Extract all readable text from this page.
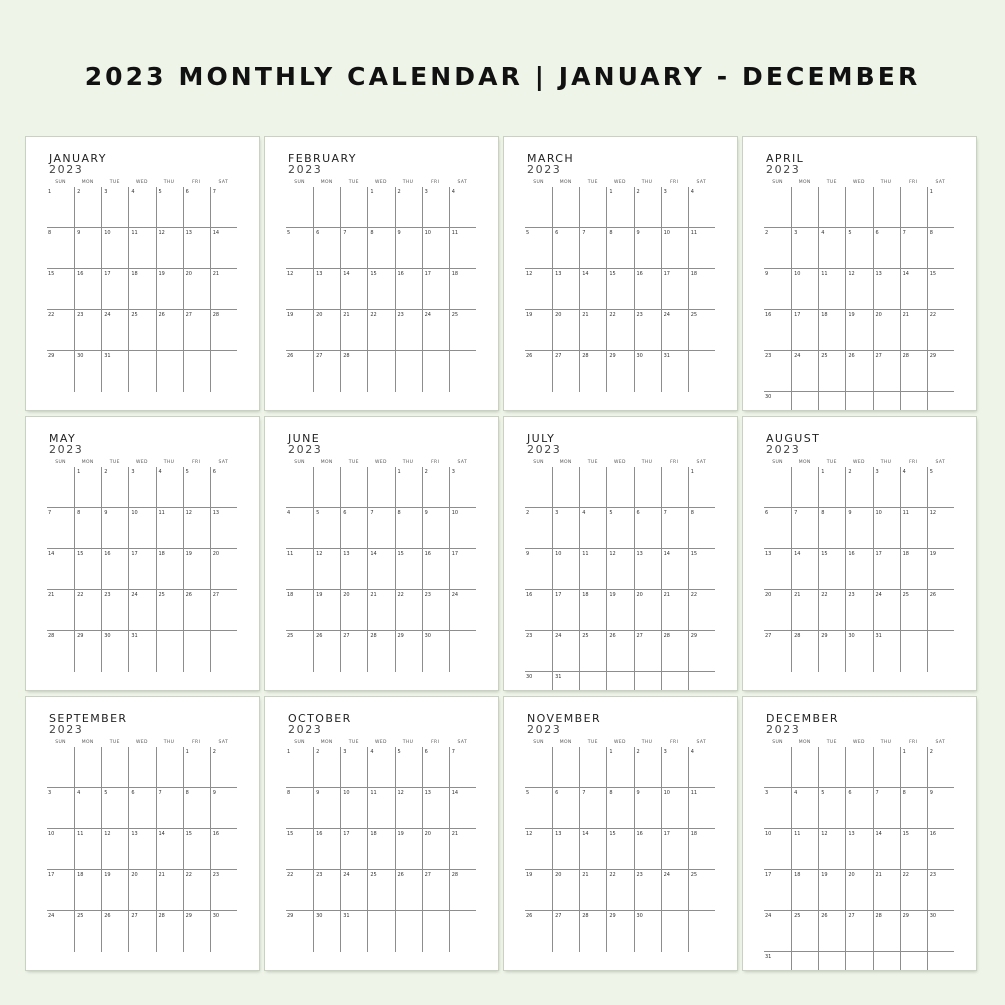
2023 MONTHLY CALENDAR | JANUARY - DECEMBER
JANUARY
2023
SUN
1
8
15
22
29
MON
2
9
16
23
30
TUE
3
10
17
24
31
WED
4
11
18
25
THU
5
12
19
26
FRI
6
13
20
27
SAT
7
14
21
28
FEBRUARY
2023
SUN
5
12
19
26
MON
6
13
20
27
TUE
7
14
21
28
WED
1
8
15
22
THU
2
9
16
23
FRI
3
10
17
24
SAT
4
11
18
25
MARCH
2023
SUN
5
12
19
26
MON
6
13
20
27
TUE
7
14
21
28
WED
1
8
15
22
29
THU
2
9
16
23
30
FRI
3
10
17
24
31
SAT
4
11
18
25
APRIL
2023
SUN
2
9
16
23
30
MON
3
10
17
24
TUE
4
11
18
25
WED
5
12
19
26
THU
6
13
20
27
FRI
7
14
21
28
SAT
1
8
15
22
29
MAY
2023
SUN
7
14
21
28
MON
1
8
15
22
29
TUE
2
9
16
23
30
WED
3
10
17
24
31
THU
4
11
18
25
FRI
5
12
19
26
SAT
6
13
20
27
JUNE
2023
SUN
4
11
18
25
MON
5
12
19
26
TUE
6
13
20
27
WED
7
14
21
28
THU
1
8
15
22
29
FRI
2
9
16
23
30
SAT
3
10
17
24
JULY
2023
SUN
2
9
16
23
30
MON
3
10
17
24
31
TUE
4
11
18
25
WED
5
12
19
26
THU
6
13
20
27
FRI
7
14
21
28
SAT
1
8
15
22
29
AUGUST
2023
SUN
6
13
20
27
MON
7
14
21
28
TUE
1
8
15
22
29
WED
2
9
16
23
30
THU
3
10
17
24
31
FRI
4
11
18
25
SAT
5
12
19
26
SEPTEMBER
2023
SUN
3
10
17
24
MON
4
11
18
25
TUE
5
12
19
26
WED
6
13
20
27
THU
7
14
21
28
FRI
1
8
15
22
29
SAT
2
9
16
23
30
OCTOBER
2023
SUN
1
8
15
22
29
MON
2
9
16
23
30
TUE
3
10
17
24
31
WED
4
11
18
25
THU
5
12
19
26
FRI
6
13
20
27
SAT
7
14
21
28
NOVEMBER
2023
SUN
5
12
19
26
MON
6
13
20
27
TUE
7
14
21
28
WED
1
8
15
22
29
THU
2
9
16
23
30
FRI
3
10
17
24
SAT
4
11
18
25
DECEMBER
2023
SUN
3
10
17
24
31
MON
4
11
18
25
TUE
5
12
19
26
WED
6
13
20
27
THU
7
14
21
28
FRI
1
8
15
22
29
SAT
2
9
16
23
30
